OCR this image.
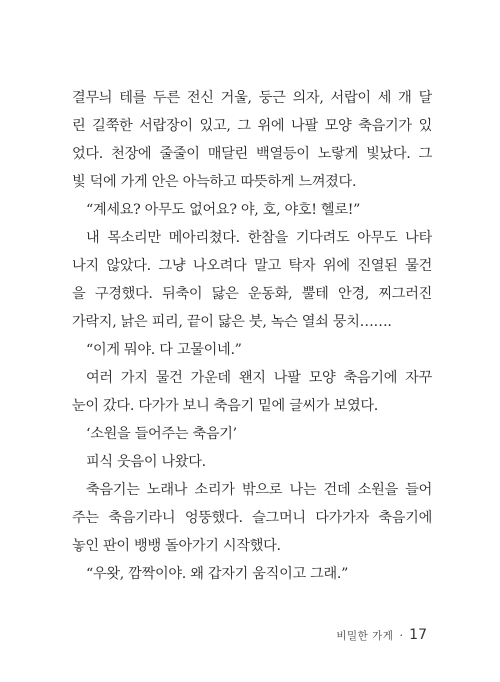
결무늬 테를 두른 전신 거울, 둥근 의자, 서랍이 세 개 달
린 길쭉한 서랍장이 있고, 그 위에 나팔 모양 축음기가 있
었다. 천장에 줄줄이 매달린 백열등이 노랗게 빛났다. 그
빛 덕에 가게 안은 아늑하고 따뜻하게 느껴졌다.
“계세요? 아무도 없어요? 야, 호, 야호! 헬로!”
내 목소리만 메아리쳤다. 한참을 기다려도 아무도 나타
나지 않았다. 그냥 나오려다 말고 탁자 위에 진열된 물건
을 구경했다. 뒤축이 닳은 운동화, 뿔테 안경, 찌그러진
가락지, 낡은 피리, 끝이 닳은 붓, 녹슨 열쇠 뭉치…….
“이게 뭐야. 다 고물이네.”
여러 가지 물건 가운데 왠지 나팔 모양 축음기에 자꾸
눈이 갔다. 다가가 보니 축음기 밑에 글씨가 보였다.
‘소원을 들어주는 축음기’
피식 웃음이 나왔다.
축음기는 노래나 소리가 밖으로 나는 건데 소원을 들어
주는 축음기라니 엉뚱했다. 슬그머니 다가가자 축음기에
놓인 판이 뱅뱅 돌아가기 시작했다.
“우왓, 깜짝이야. 왜 갑자기 움직이고 그래.”
비밀한 가게 · 17
